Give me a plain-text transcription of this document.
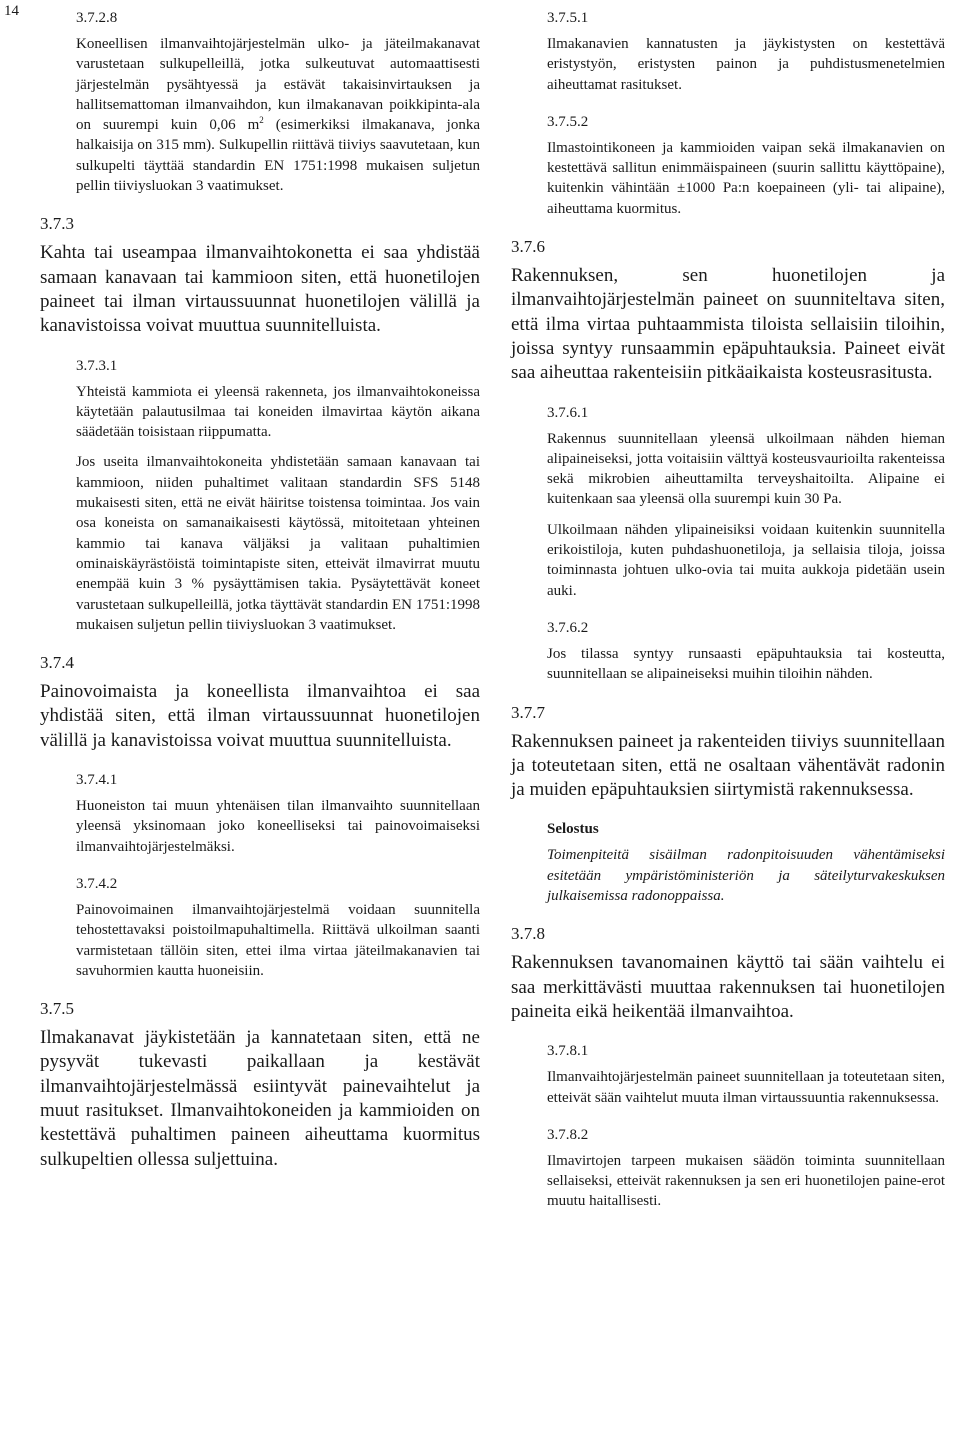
14	3.7.2.8

Koneellisen ilmanvaihtojärjestelmän ulko- ja jäteilmakanavat varustetaan sulkupelleillä, jotka sulkeutuvat automaattisesti järjestelmän pysähtyessä ja estävät takaisinvirtauksen ja hallitsemattoman ilmanvaihdon, kun ilmakanavan poikkipinta-ala on suurempi kuin 0,06 $m^2$ (esimerkiksi ilmakanava, jonka halkaisija on 315 mm). Sulkupellin riittävä tiiviys saavutetaan, kun sulkupelti täyttää standardin EN 1751:1998 mukaisen suljetun pellin tiiviysluokan 3 vaatimukset.

3.7.3

Kahta tai useampaa ilmanvaihtokonetta ei saa yhdistää samaan kanavaan tai kammioon siten, että huonetilojen paineet tai ilman virtaussuunnat huonetilojen välillä ja kanavistoissa voivat muuttua suunnitelluista.

3.7.3.1

Yhteistä kammiota ei yleensä rakenneta, jos ilmanvaihtokoneissa käytetään palautusilmaa tai koneiden ilmavirtaa käytön aikana säädetään toisistaan riippumatta.

Jos useita ilmanvaihtokoneita yhdistetään samaan kanavaan tai kammioon, niiden puhaltimet valitaan standardin SFS 5148 mukaisesti siten, että ne eivät häiritse toistensa toimintaa. Jos vain osa koneista on samanaikaisesti käytössä, mitoitetaan yhteinen kammio tai kanava väljäksi ja valitaan puhaltimien ominaiskäyrästöistä toimintapiste siten, etteivät ilmavirrat muutu enempää kuin 3 % pysäyttämisen takia. Pysäytettävät koneet varustetaan sulkupelleillä, jotka täyttävät standardin EN 1751:1998 mukaisen suljetun pellin tiiviysluokan 3 vaatimukset.

3.7.4

Painovoimaista ja koneellista ilmanvaihtoa ei saa yhdistää siten, että ilman virtaussuunnat huonetilojen välillä ja kanavistoissa voivat muuttua suunnitelluista.

3.7.4.1

Huoneiston tai muun yhtenäisen tilan ilmanvaihto suunnitellaan yleensä yksinomaan joko koneelliseksi tai painovoimaiseksi ilmanvaihtojärjestelmäksi.

3.7.4.2

Painovoimainen ilmanvaihtojärjestelmä voidaan suunnitella tehostettavaksi poistoilmapuhaltimella. Riittävä ulkoilman saanti varmistetaan tällöin siten, ettei ilma virtaa jäteilmakanavien tai savuhormien kautta huoneisiin.

3.7.5

Ilmakanavat jäykistetään ja kannatetaan siten, että ne pysyvät tukevasti paikallaan ja kestävät ilmanvaihtojärjestelmässä esiintyvät painevaihtelut ja muut rasitukset. Ilmanvaihtokoneiden ja kammioiden on kestettävä puhaltimen paineen aiheuttama kuormitus sulkupeltien ollessa suljettuina.

3.7.5.1

Ilmakanavien kannatusten ja jäykistysten on kestettävä eristystyön, eristysten painon ja puhdistusmenetelmien aiheuttamat rasitukset.

3.7.5.2

Ilmastointikoneen ja kammioiden vaipan sekä ilmakanavien on kestettävä sallitun enimmäispaineen (suurin sallittu käyttöpaine), kuitenkin vähintään ±1000 Pa:n koepaineen (yli- tai alipaine), aiheuttama kuormitus.

3.7.6

Rakennuksen, sen huonetilojen ja ilmanvaihtojärjestelmän paineet on suunniteltava siten, että ilma virtaa puhtaammista tiloista sellaisiin tiloihin, joissa syntyy runsaammin epäpuhtauksia. Paineet eivät saa aiheuttaa rakenteisiin pitkäaikaista kosteusrasitusta.

3.7.6.1

Rakennus suunnitellaan yleensä ulkoilmaan nähden hieman alipaineiseksi, jotta voitaisiin välttyä kosteusvaurioilta rakenteissa sekä mikrobien aiheuttamilta terveyshaitoilta. Alipaine ei kuitenkaan saa yleensä olla suurempi kuin 30 Pa.

Ulkoilmaan nähden ylipaineisiksi voidaan kuitenkin suunnitella erikoistiloja, kuten puhdashuonetiloja, ja sellaisia tiloja, joissa toiminnasta johtuen ulko-ovia tai muita aukkoja pidetään usein auki.

3.7.6.2

Jos tilassa syntyy runsaasti epäpuhtauksia tai kosteutta, suunnitellaan se alipaineiseksi muihin tiloihin nähden.

3.7.7

Rakennuksen paineet ja rakenteiden tiiviys suunnitellaan ja toteutetaan siten, että ne osaltaan vähentävät radonin ja muiden epäpuhtauksien siirtymistä rakennuksessa.

Selostus

Toimenpiteitä sisäilman radonpitoisuuden vähentämiseksi esitetään ympäristöministeriön ja säteilyturvakeskuksen julkaisemissa radonoppaissa.

3.7.8

Rakennuksen tavanomainen käyttö tai sään vaihtelu ei saa merkittävästi muuttaa rakennuksen tai huonetilojen paineita eikä heikentää ilmanvaihtoa.

3.7.8.1

Ilmanvaihtojärjestelmän paineet suunnitellaan ja toteutetaan siten, etteivät sään vaihtelut muuta ilman virtaussuuntia rakennuksessa.

3.7.8.2

Ilmavirtojen tarpeen mukaisen säädön toiminta suunnitellaan sellaiseksi, etteivät rakennuksen ja sen eri huonetilojen paine-erot muutu haitallisesti.
